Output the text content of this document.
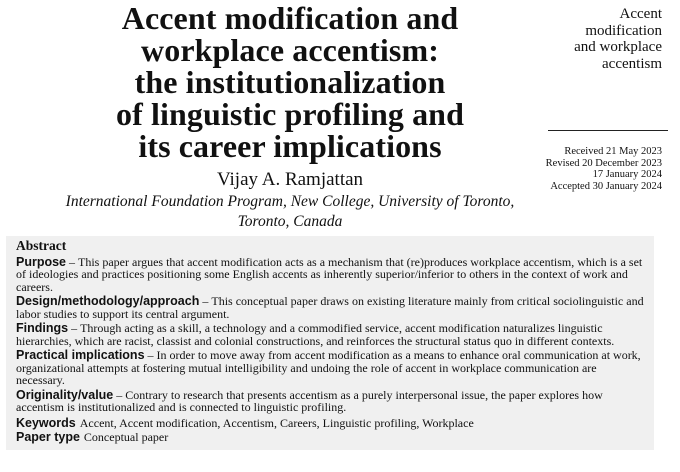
Accent modification and
workplace accentism:
the institutionalization
of linguistic profiling and
its career implications
Vijay A. Ramjattan
International Foundation Program, New College, University of Toronto,
Toronto, Canada
Accent
modification
and workplace
accentism
Received 21 May 2023
Revised 20 December 2023
17 January 2024
Accepted 30 January 2024
Abstract

Purpose – This paper argues that accent modification acts as a mechanism that (re)produces workplace accentism, which is a set of ideologies and practices positioning some English accents as inherently superior/inferior to others in the context of work and careers.

Design/methodology/approach – This conceptual paper draws on existing literature mainly from critical sociolinguistic and labor studies to support its central argument.

Findings – Through acting as a skill, a technology and a commodified service, accent modification naturalizes linguistic hierarchies, which are racist, classist and colonial constructions, and reinforces the structural status quo in different contexts.

Practical implications – In order to move away from accent modification as a means to enhance oral communication at work, organizational attempts at fostering mutual intelligibility and undoing the role of accent in workplace communication are necessary.

Originality/value – Contrary to research that presents accentism as a purely interpersonal issue, the paper explores how accentism is institutionalized and is connected to linguistic profiling.

Keywords Accent, Accent modification, Accentism, Careers, Linguistic profiling, Workplace
Paper type Conceptual paper
